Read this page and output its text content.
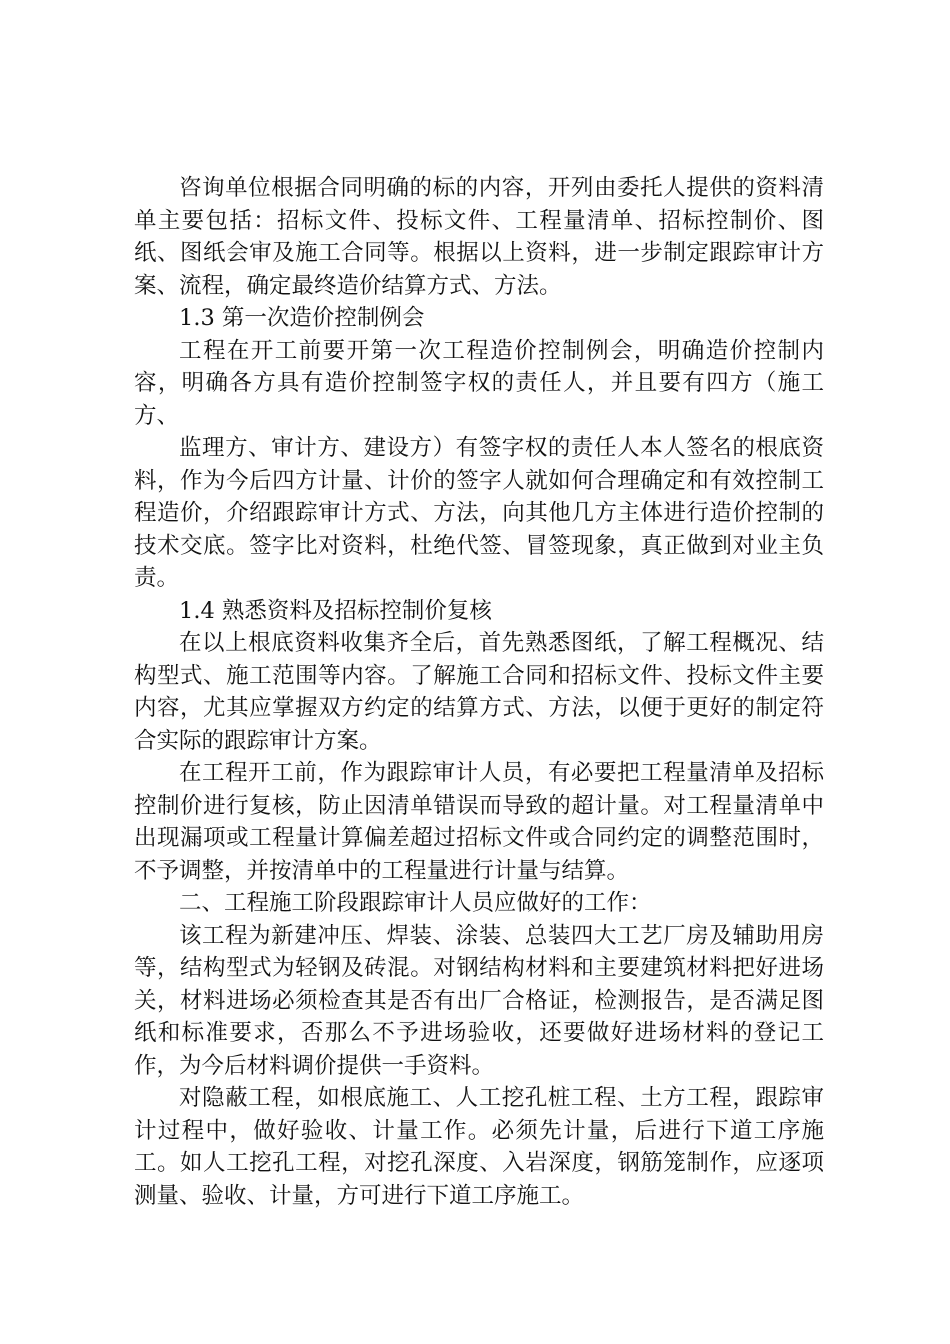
咨询单位根据合同明确的标的内容，开列由委托人提供的资料清单主要包括：招标文件、投标文件、工程量清单、招标控制价、图纸、图纸会审及施工合同等。根据以上资料，进一步制定跟踪审计方案、流程，确定最终造价结算方式、方法。

1.3 第一次造价控制例会

工程在开工前要开第一次工程造价控制例会，明确造价控制内容，明确各方具有造价控制签字权的责任人，并且要有四方（施工方、

监理方、审计方、建设方）有签字权的责任人本人签名的根底资料，作为今后四方计量、计价的签字人就如何合理确定和有效控制工程造价，介绍跟踪审计方式、方法，向其他几方主体进行造价控制的技术交底。签字比对资料，杜绝代签、冒签现象，真正做到对业主负责。

1.4 熟悉资料及招标控制价复核

在以上根底资料收集齐全后，首先熟悉图纸，了解工程概况、结构型式、施工范围等内容。了解施工合同和招标文件、投标文件主要内容，尤其应掌握双方约定的结算方式、方法，以便于更好的制定符合实际的跟踪审计方案。

在工程开工前，作为跟踪审计人员，有必要把工程量清单及招标控制价进行复核，防止因清单错误而导致的超计量。对工程量清单中出现漏项或工程量计算偏差超过招标文件或合同约定的调整范围时，不予调整，并按清单中的工程量进行计量与结算。

二、工程施工阶段跟踪审计人员应做好的工作：

该工程为新建冲压、焊装、涂装、总装四大工艺厂房及辅助用房等，结构型式为轻钢及砖混。对钢结构材料和主要建筑材料把好进场关，材料进场必须检查其是否有出厂合格证，检测报告，是否满足图纸和标准要求，否那么不予进场验收，还要做好进场材料的登记工作，为今后材料调价提供一手资料。

对隐蔽工程，如根底施工、人工挖孔桩工程、土方工程，跟踪审计过程中，做好验收、计量工作。必须先计量，后进行下道工序施工。如人工挖孔工程，对挖孔深度、入岩深度，钢筋笼制作，应逐项测量、验收、计量，方可进行下道工序施工。
